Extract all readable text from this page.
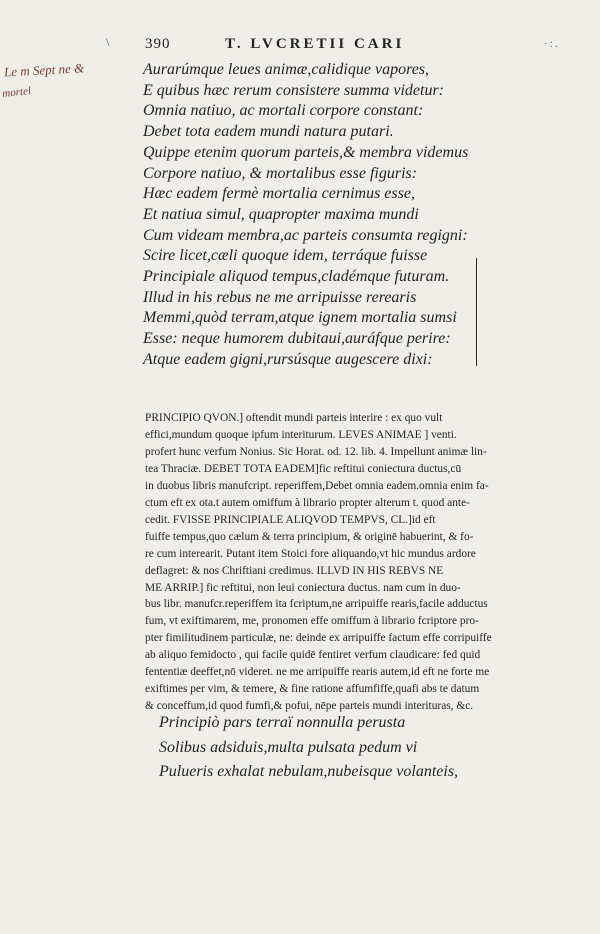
Le m Sept ne &
mortel
\ 390	T. LVCRETII CARI	·:.
Aurarúmque leues animæ,calidique vapores,
E quibus hæc rerum consistere summa videtur:
Omnia natiuo, ac mortali corpore constant:
Debet tota eadem mundi natura putari.
Quippe etenim quorum parteis,& membra videmus
Corpore natiuo, & mortalibus esse figuris:
Hæc eadem fermè mortalia cernimus esse,
Et natiua simul, quapropter maxima mundi
Cum videam membra,ac parteis consumta regigni:
Scire licet,cæli quoque idem, terráque fuisse
Principiale aliquod tempus,cladémque futuram.
Illud in his rebus ne me arripuisse rerearis
Memmi,quòd terram,atque ignem mortalia sumsi
Esse: neque humorem dubitaui,auráfque perire:
Atque eadem gigni,rursúsque augescere dixi:
PRINCIPIO QVON.] oftendit mundi parteis interire : ex quo vult
effici,mundum quoque ipfum interiturum. LEVES ANIMAE ] venti.
profert hunc verfum Nonius. Sic Horat. od. 12. lib. 4. Impellunt animæ lin-
tea Thraciæ. DEBET TOTA EADEM]fic reftitui coniectura ductus,cū
in duobus libris manufcript. reperiffem,Debet omnia eadem.omnia enim fa-
ctum eft ex ota.t autem omiffum à librario propter alterum t. quod ante-
cedit. FVISSE PRINCIPIALE ALIQVOD TEMPVS, CL.]id eft
fuiffe tempus,quo cælum & terra principium, & originē habuerint, & fo-
re cum interearit. Putant item Stoici fore aliquando,vt hic mundus ardore
deflagret: & nos Chriftiani credimus. ILLVD IN HIS REBVS NE
ME ARRIP.] fic reftitui, non leui coniectura ductus. nam cum in duo-
bus libr. manufcr.reperiffem ita fcriptum,ne arripuiffe rearis,facile adductus
fum, vt exiftimarem, me, pronomen effe omiffum à librario fcriptore pro-
pter fimilitudinem particulæ, ne: deinde ex arripuiffe factum effe corripuiffe
ab aliquo femidocto , qui facile quidē fentiret verfum claudicare: fed quid
fententiæ deeffet,nō videret. ne me arripuiffe rearis autem,id eft ne forte me
exiftimes per vim, & temere, & fine ratione affumfiffe,quafi abs te datum
& conceffum,id quod fumfi,& pofui, nēpe parteis mundi interituras, &c.
Principiò pars terraï nonnulla perusta
Solibus adsiduis,multa pulsata pedum vi
Pulueris exhalat nebulam,nubeisque volanteis,
